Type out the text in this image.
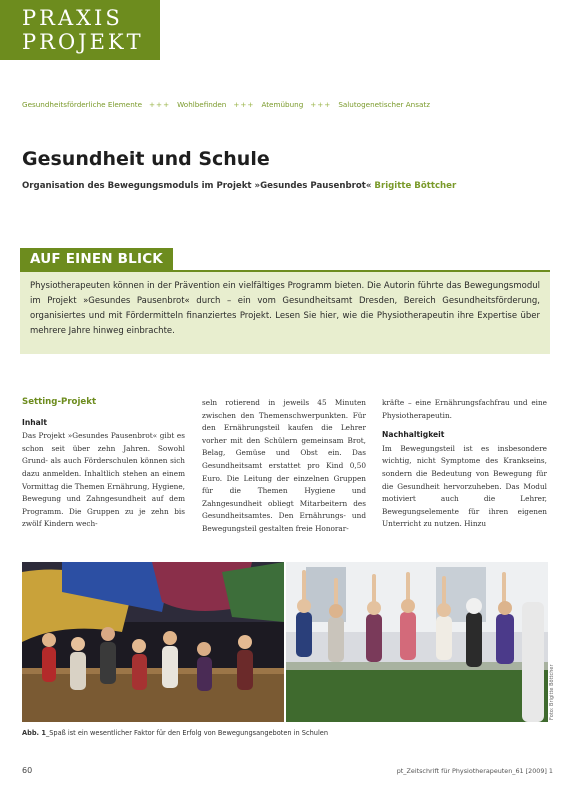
PRAXIS
PROJEKT
Gesundheitsförderliche Elemente +++ Wohlbefinden +++ Atemübung +++ Salutogenetischer Ansatz
Gesundheit und Schule
Organisation des Bewegungsmoduls im Projekt »Gesundes Pausenbrot« Brigitte Böttcher
AUF EINEN BLICK

Physiotherapeuten können in der Prävention ein vielfältiges Programm bieten. Die Autorin führte das Bewegungsmodul im Projekt »Gesundes Pausenbrot« durch – ein vom Gesundheitsamt Dresden, Bereich Gesundheitsförderung, organisiertes und mit Fördermitteln finanziertes Projekt. Lesen Sie hier, wie die Physiotherapeutin ihre Expertise über mehrere Jahre hinweg einbrachte.

Setting-Projekt
Inhalt

Das Projekt »Gesundes Pausenbrot« gibt es schon seit über zehn Jahren. Sowohl Grund- als auch Förderschulen können sich dazu anmelden. Inhaltlich stehen an einem Vormittag die Themen Ernährung, Hygiene, Bewegung und Zahngesundheit auf dem Programm. Die Gruppen zu je zehn bis zwölf Kindern wech-

seln rotierend in jeweils 45 Minuten zwischen den Themenschwerpunkten. Für den Ernährungsteil kaufen die Lehrer vorher mit den Schülern gemeinsam Brot, Belag, Gemüse und Obst ein. Das Gesundheitsamt erstattet pro Kind 0,50 Euro. Die Leitung der einzelnen Gruppen für die Themen Hygiene und Zahngesundheit obliegt Mitarbeitern des Gesundheitsamtes. Den Ernährungs- und Bewegungsteil gestalten freie Honorar-

kräfte – eine Ernährungsfachfrau und eine Physiotherapeutin.

Nachhaltigkeit

Im Bewegungsteil ist es insbesondere wichtig, nicht Symptome des Krankseins, sondern die Bedeutung von Bewegung für die Gesundheit hervorzuheben. Das Modul motiviert auch die Lehrer, Bewegungselemente für ihren eigenen Unterricht zu nutzen. Hinzu

Foto: Brigitte Böttcher
Abb. 1_Spaß ist ein wesentlicher Faktor für den Erfolg von Bewegungsangeboten in Schulen
60	pt_Zeitschrift für Physiotherapeuten_61 [2009] 1
